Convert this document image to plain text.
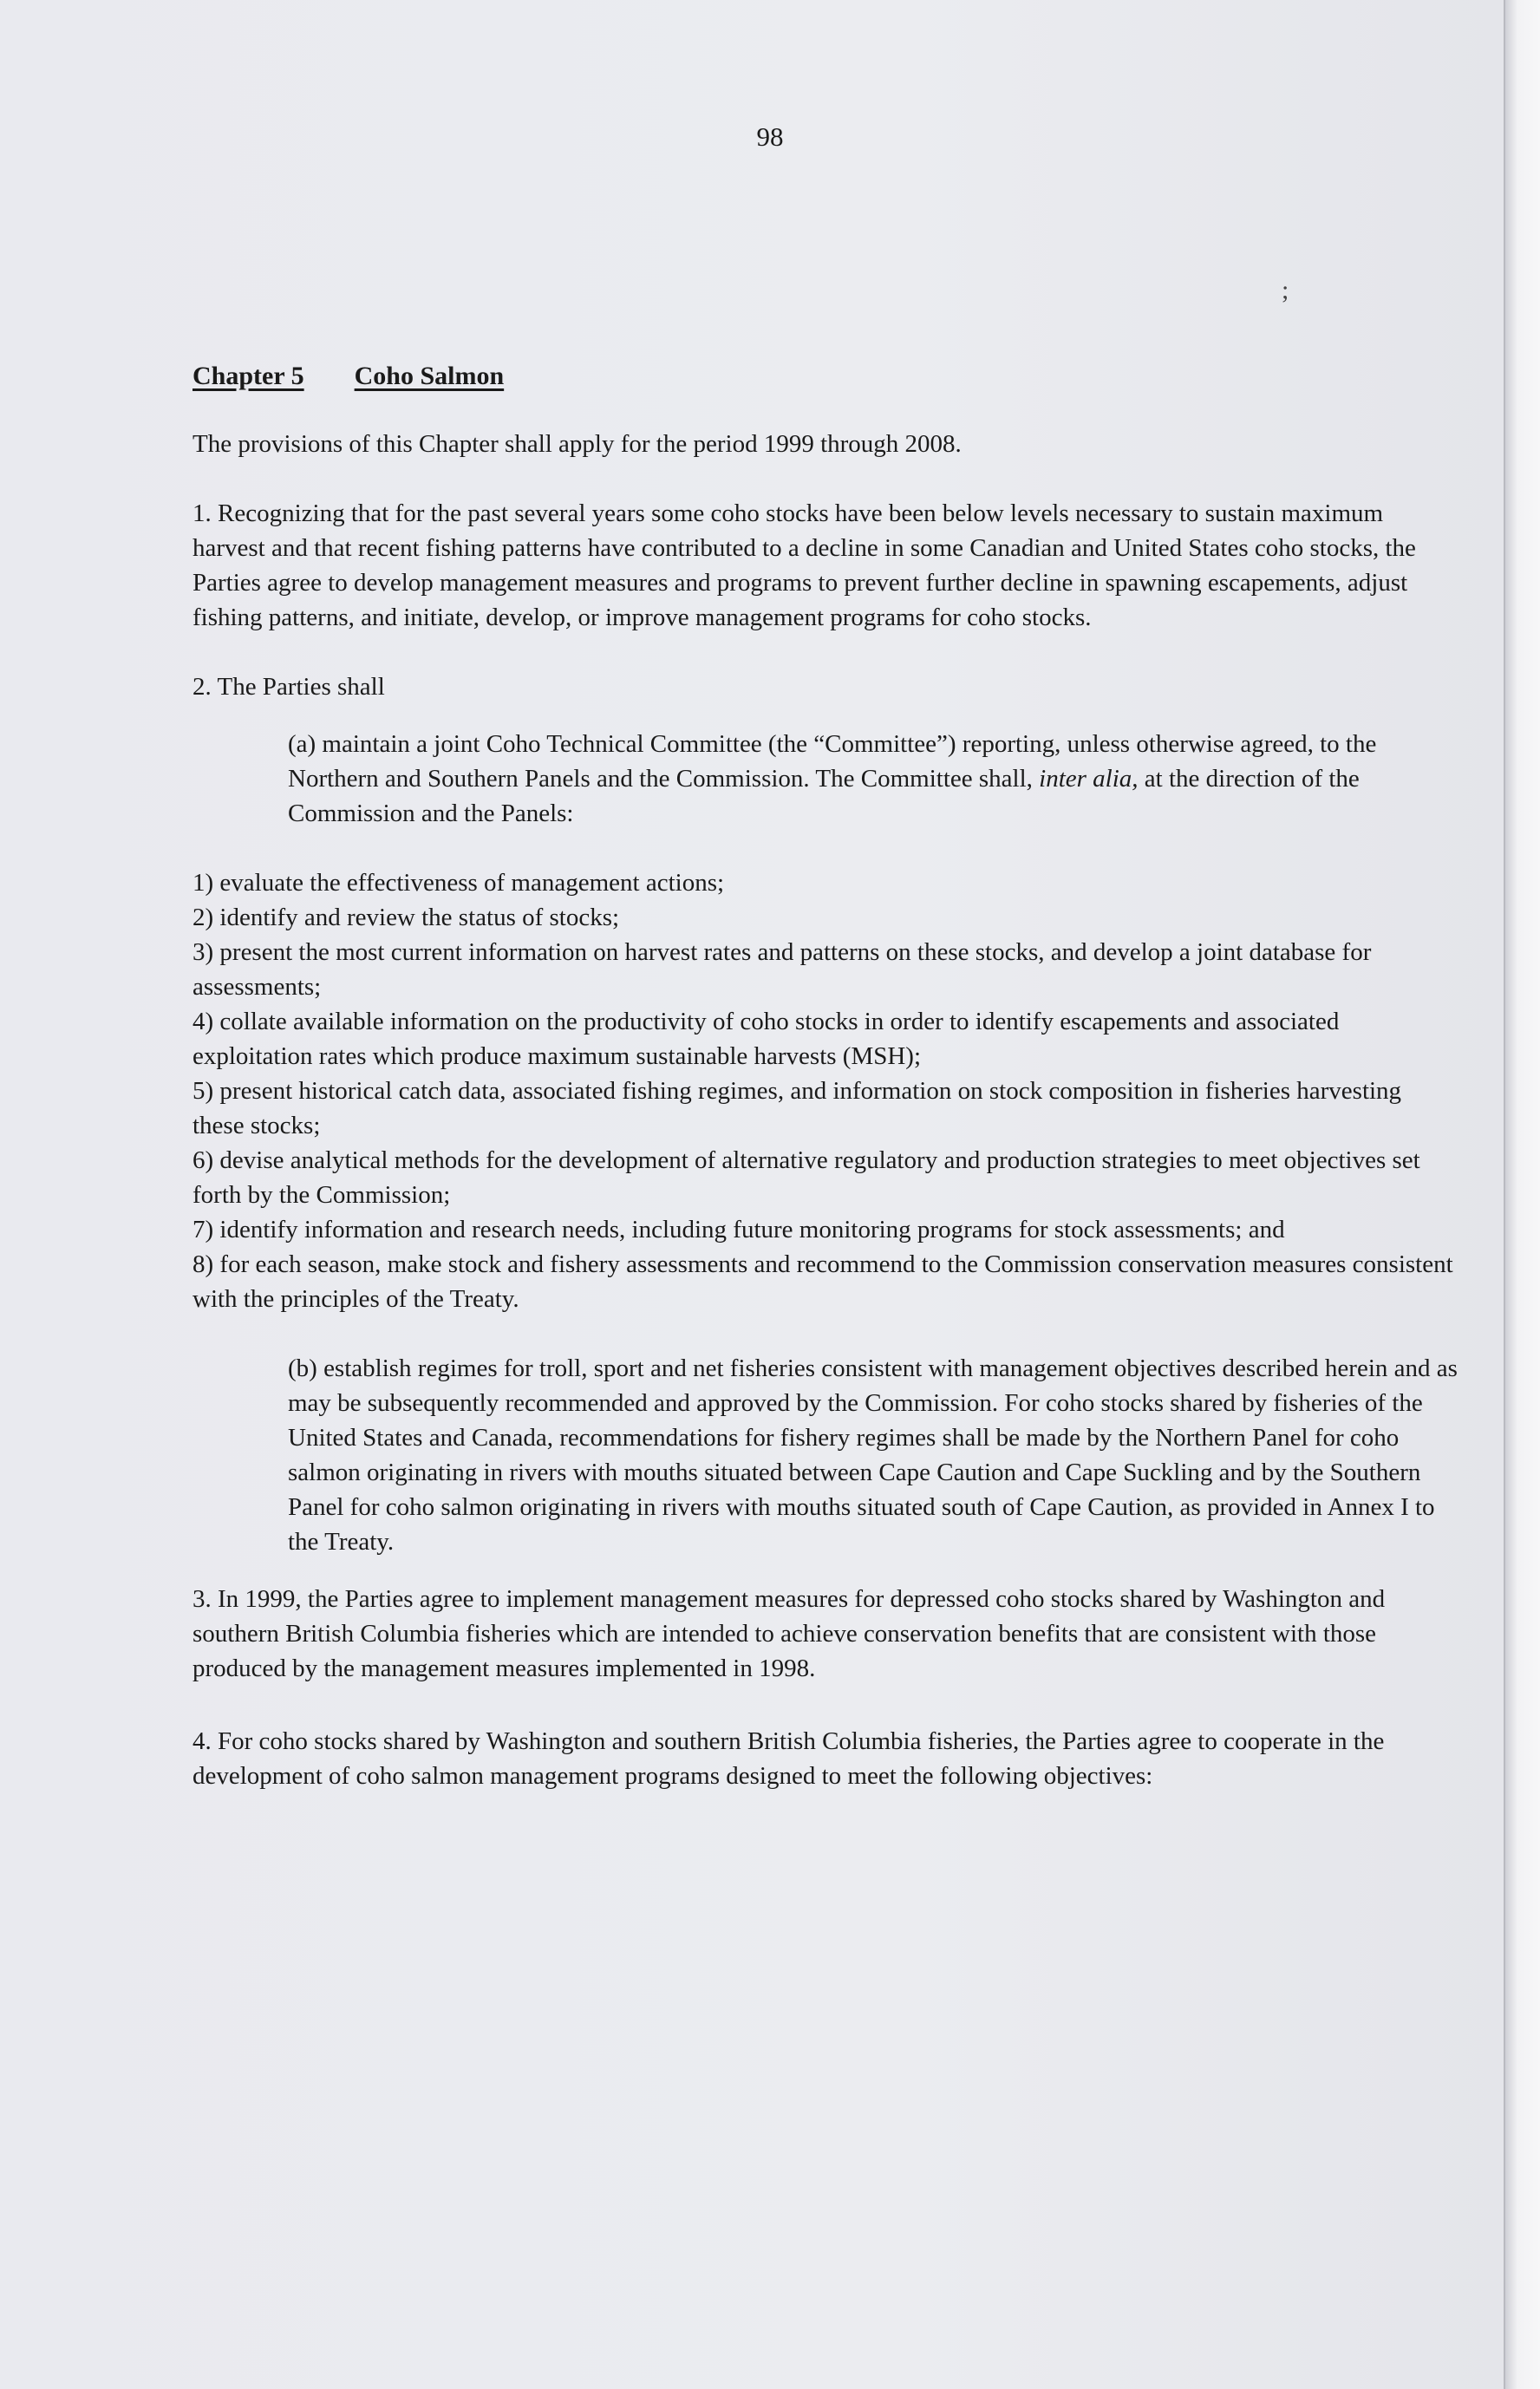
98
;
Chapter 5 Coho Salmon

The provisions of this Chapter shall apply for the period 1999 through 2008.

1. Recognizing that for the past several years some coho stocks have been below levels necessary to sustain maximum harvest and that recent fishing patterns have contributed to a decline in some Canadian and United States coho stocks, the Parties agree to develop management measures and programs to prevent further decline in spawning escapements, adjust fishing patterns, and initiate, develop, or improve management programs for coho stocks.

2. The Parties shall

(a) maintain a joint Coho Technical Committee (the “Committee”) reporting, unless otherwise agreed, to the Northern and Southern Panels and the Commission. The Committee shall, inter alia, at the direction of the Commission and the Panels:

1) evaluate the effectiveness of management actions;
2) identify and review the status of stocks;
3) present the most current information on harvest rates and patterns on these stocks, and develop a joint database for assessments;
4) collate available information on the productivity of coho stocks in order to identify escapements and associated exploitation rates which produce maximum sustainable harvests (MSH);
5) present historical catch data, associated fishing regimes, and information on stock composition in fisheries harvesting these stocks;
6) devise analytical methods for the development of alternative regulatory and production strategies to meet objectives set forth by the Commission;
7) identify information and research needs, including future monitoring programs for stock assessments; and
8) for each season, make stock and fishery assessments and recommend to the Commission conservation measures consistent with the principles of the Treaty.

(b) establish regimes for troll, sport and net fisheries consistent with management objectives described herein and as may be subsequently recommended and approved by the Commission. For coho stocks shared by fisheries of the United States and Canada, recommendations for fishery regimes shall be made by the Northern Panel for coho salmon originating in rivers with mouths situated between Cape Caution and Cape Suckling and by the Southern Panel for coho salmon originating in rivers with mouths situated south of Cape Caution, as provided in Annex I to the Treaty.

3. In 1999, the Parties agree to implement management measures for depressed coho stocks shared by Washington and southern British Columbia fisheries which are intended to achieve conservation benefits that are consistent with those produced by the management measures implemented in 1998.

4. For coho stocks shared by Washington and southern British Columbia fisheries, the Parties agree to cooperate in the development of coho salmon management programs designed to meet the following objectives:
